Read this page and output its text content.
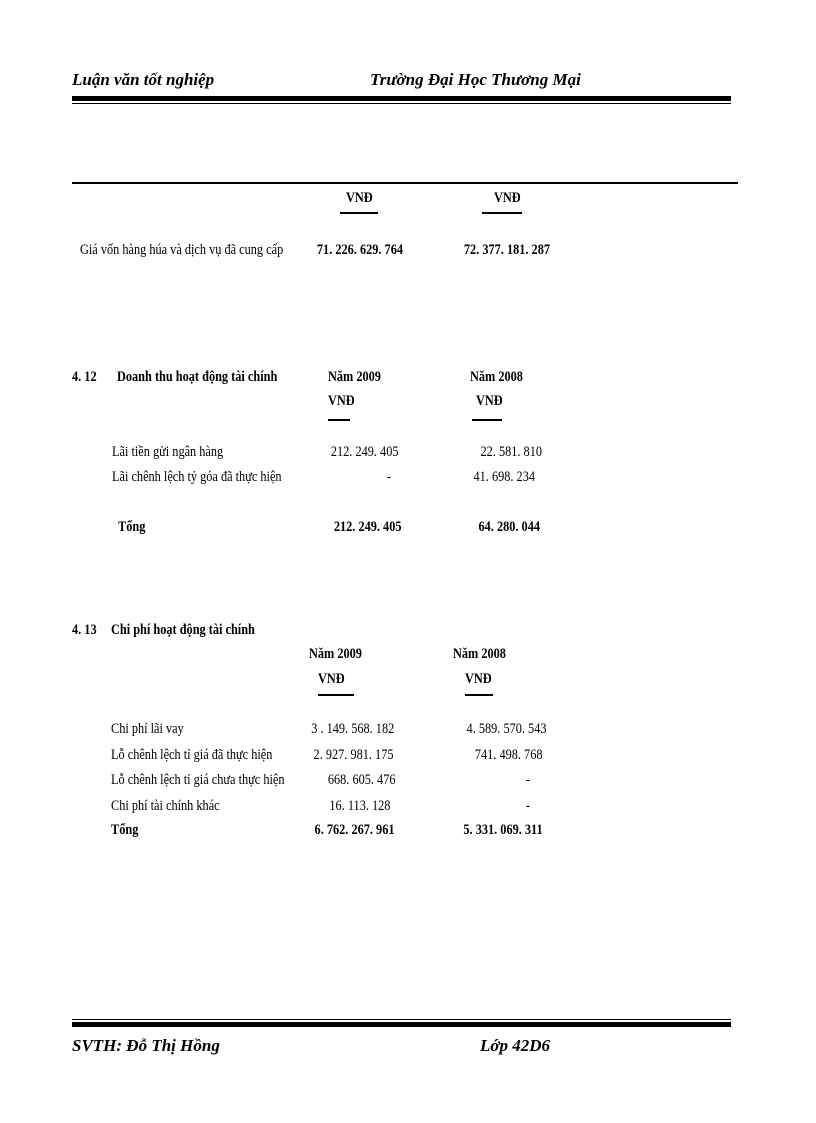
Luận văn tốt nghiệp	Trường Đại Học Thương Mại
VNĐ	VNĐ
Giá vốn hàng húa và dịch vụ đã cung cấp 71. 226. 629. 764	72. 377. 181. 287
4. 12 Doanh thu hoạt động tài chính	Năm 2009	Năm 2008
VNĐ	VNĐ
Lãi tiền gửi ngân hàng	212. 249. 405	22. 581. 810
Lãi chênh lệch tỷ góa đã thực hiện	-	41. 698. 234
Tổng	212. 249. 405	64. 280. 044
4. 13 Chi phí hoạt động tài chính
Năm 2009	Năm 2008
VNĐ	VNĐ
Chi phí lãi vay	3 . 149. 568. 182	4. 589. 570. 543
Lỗ chênh lệch tỉ giá đã thực hiện	2. 927. 981. 175	741. 498. 768
Lỗ chênh lệch tỉ giá chưa thực hiện	668. 605. 476	-
Chi phí tài chính khác	16. 113. 128	-
Tổng	6. 762. 267. 961	5. 331. 069. 311
SVTH: Đỗ Thị Hồng	Lớp 42D6
